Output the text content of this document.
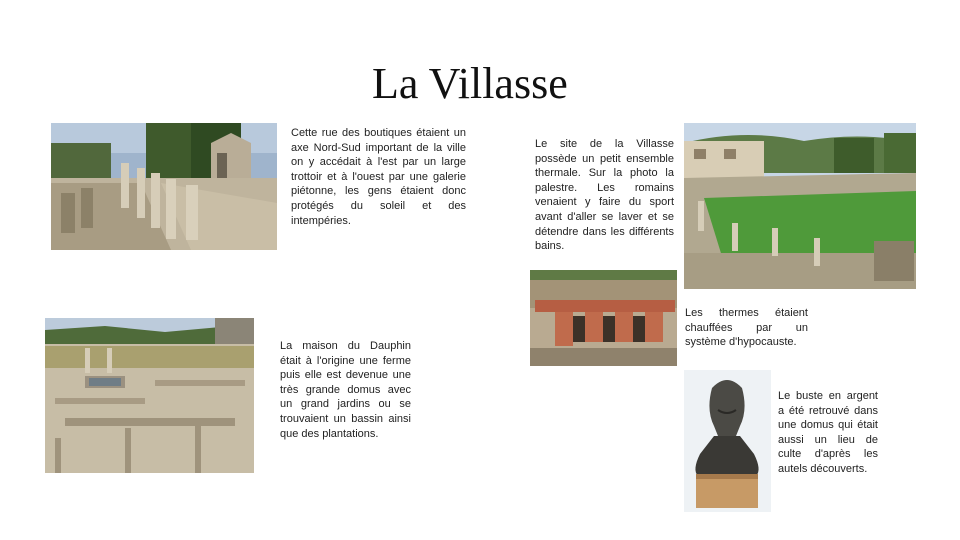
La Villasse
Cette rue des boutiques étaient un axe Nord-Sud important de la ville on y accédait à l'est par un large trottoir et à l'ouest par une galerie piétonne, les gens étaient donc protégés du soleil et des intempéries.
Le site de la Villasse possède un petit ensemble thermale. Sur la photo la palestre. Les romains venaient y faire du sport avant d'aller se laver et se détendre dans les différents bains.
Les thermes étaient chauffées par un système d'hypocauste.
La maison du Dauphin était à l'origine une ferme puis elle est devenue une très grande domus avec un grand jardins ou se trouvaient un bassin ainsi que des plantations.
Le buste en argent a été retrouvé dans une domus qui était aussi un lieu de culte d'après les autels découverts.
